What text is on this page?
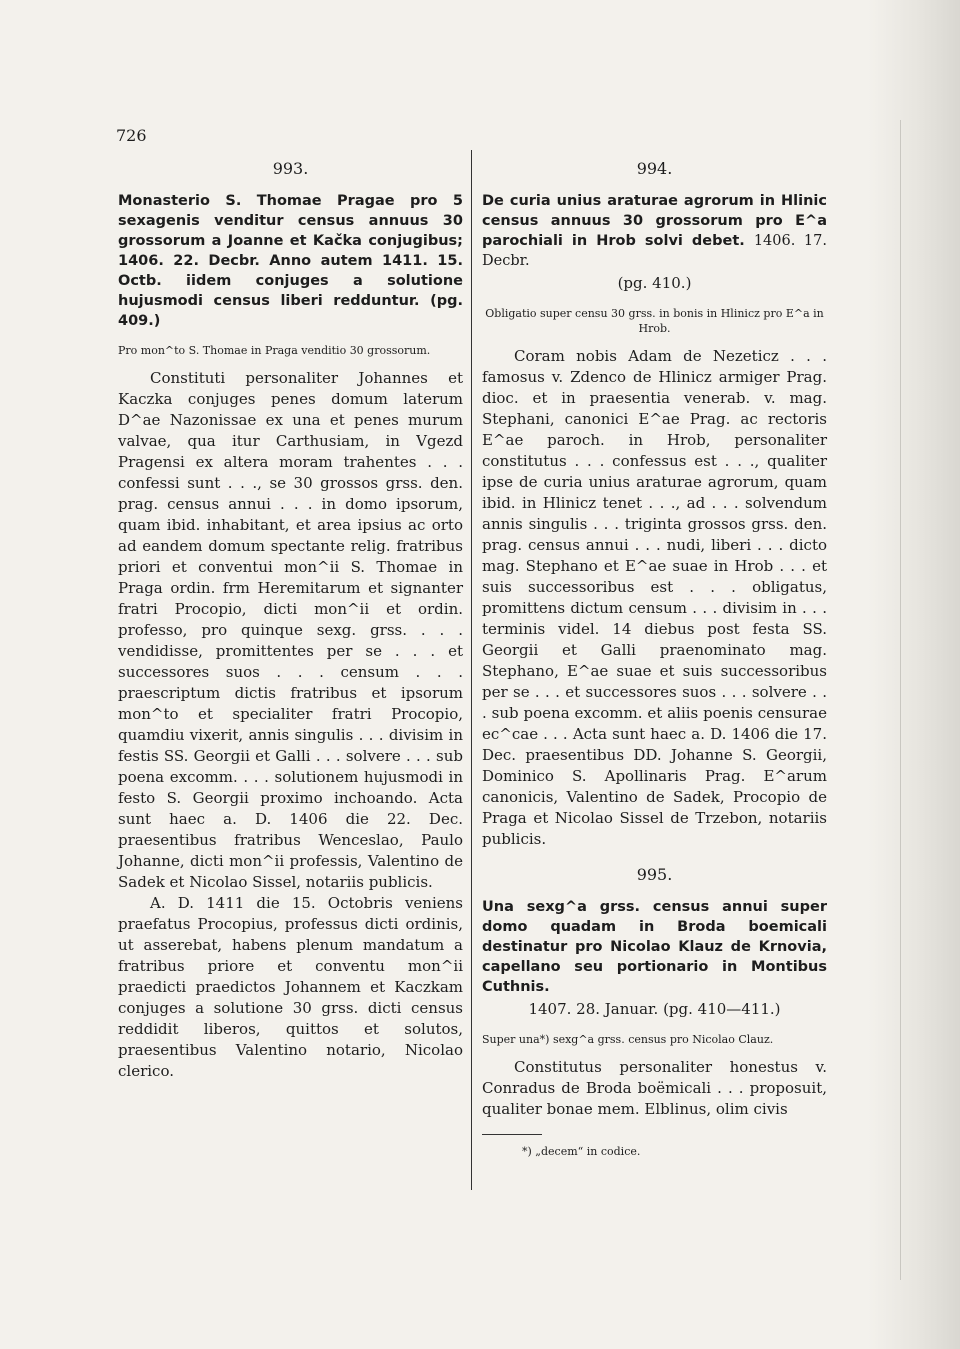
726
993.

Monasterio S. Thomae Pragae pro 5 sexagenis venditur census annuus 30 grossorum a Joanne et Kačka conjugibus; 1406. 22. Decbr. Anno autem 1411. 15. Octb. iidem conjuges a solutione hujusmodi census liberi redduntur. (pg. 409.)

Pro mon^to S. Thomae in Praga venditio 30 grossorum.

Constituti personaliter Johannes et Kaczka conjuges penes domum laterum D^ae Nazonissae ex una et penes murum valvae, qua itur Carthusiam, in Vgezd Pragensi ex altera moram trahentes . . . confessi sunt . . ., se 30 grossos grss. den. prag. census annui . . . in domo ipsorum, quam ibid. inhabitant, et area ipsius ac orto ad eandem domum spectante relig. fratribus priori et conventui mon^ii S. Thomae in Praga ordin. frm Heremitarum et signanter fratri Procopio, dicti mon^ii et ordin. professo, pro quinque sexg. grss. . . . vendidisse, promittentes per se . . . et successores suos . . . censum . . . praescriptum dictis fratribus et ipsorum mon^to et specialiter fratri Procopio, quamdiu vixerit, annis singulis . . . divisim in festis SS. Georgii et Galli . . . solvere . . . sub poena excomm. . . . solutionem hujusmodi in festo S. Georgii proximo inchoando. Acta sunt haec a. D. 1406 die 22. Dec. praesentibus fratribus Wenceslao, Paulo Johanne, dicti mon^ii professis, Valentino de Sadek et Nicolao Sissel, notariis publicis.

A. D. 1411 die 15. Octobris veniens praefatus Procopius, professus dicti ordinis, ut asserebat, habens plenum mandatum a fratribus priore et conventu mon^ii praedicti praedictos Johannem et Kaczkam conjuges a solutione 30 grss. dicti census reddidit liberos, quittos et solutos, praesentibus Valentino notario, Nicolao clerico.

994.

De curia unius araturae agrorum in Hlinic census annuus 30 grossorum pro E^a parochiali in Hrob solvi debet. 1406. 17. Decbr.

(pg. 410.)
Obligatio super censu 30 grss. in bonis in Hlinicz pro E^a in Hrob.

Coram nobis Adam de Nezeticz . . . famosus v. Zdenco de Hlinicz armiger Prag. dioc. et in praesentia venerab. v. mag. Stephani, canonici E^ae Prag. ac rectoris E^ae paroch. in Hrob, personaliter constitutus . . . confessus est . . ., qualiter ipse de curia unius araturae agrorum, quam ibid. in Hlinicz tenet . . ., ad . . . solvendum annis singulis . . . triginta grossos grss. den. prag. census annui . . . nudi, liberi . . . dicto mag. Stephano et E^ae suae in Hrob . . . et suis successoribus est . . . obligatus, promittens dictum censum . . . divisim in . . . terminis videl. 14 diebus post festa SS. Georgii et Galli praenominato mag. Stephano, E^ae suae et suis successoribus per se . . . et successores suos . . . solvere . . . sub poena excomm. et aliis poenis censurae ec^cae . . . Acta sunt haec a. D. 1406 die 17. Dec. praesentibus DD. Johanne S. Georgii, Dominico S. Apollinaris Prag. E^arum canonicis, Valentino de Sadek, Procopio de Praga et Nicolao Sissel de Trzebon, notariis publicis.

995.

Una sexg^a grss. census annui super domo quadam in Broda boemicali destinatur pro Nicolao Klauz de Krnovia, capellano seu portionario in Montibus Cuthnis.

1407. 28. Januar. (pg. 410—411.)
Super una*) sexg^a grss. census pro Nicolao Clauz.

Constitutus personaliter honestus v. Conradus de Broda boëmicali . . . proposuit, qualiter bonae mem. Elblinus, olim civis

*) „decem“ in codice.
